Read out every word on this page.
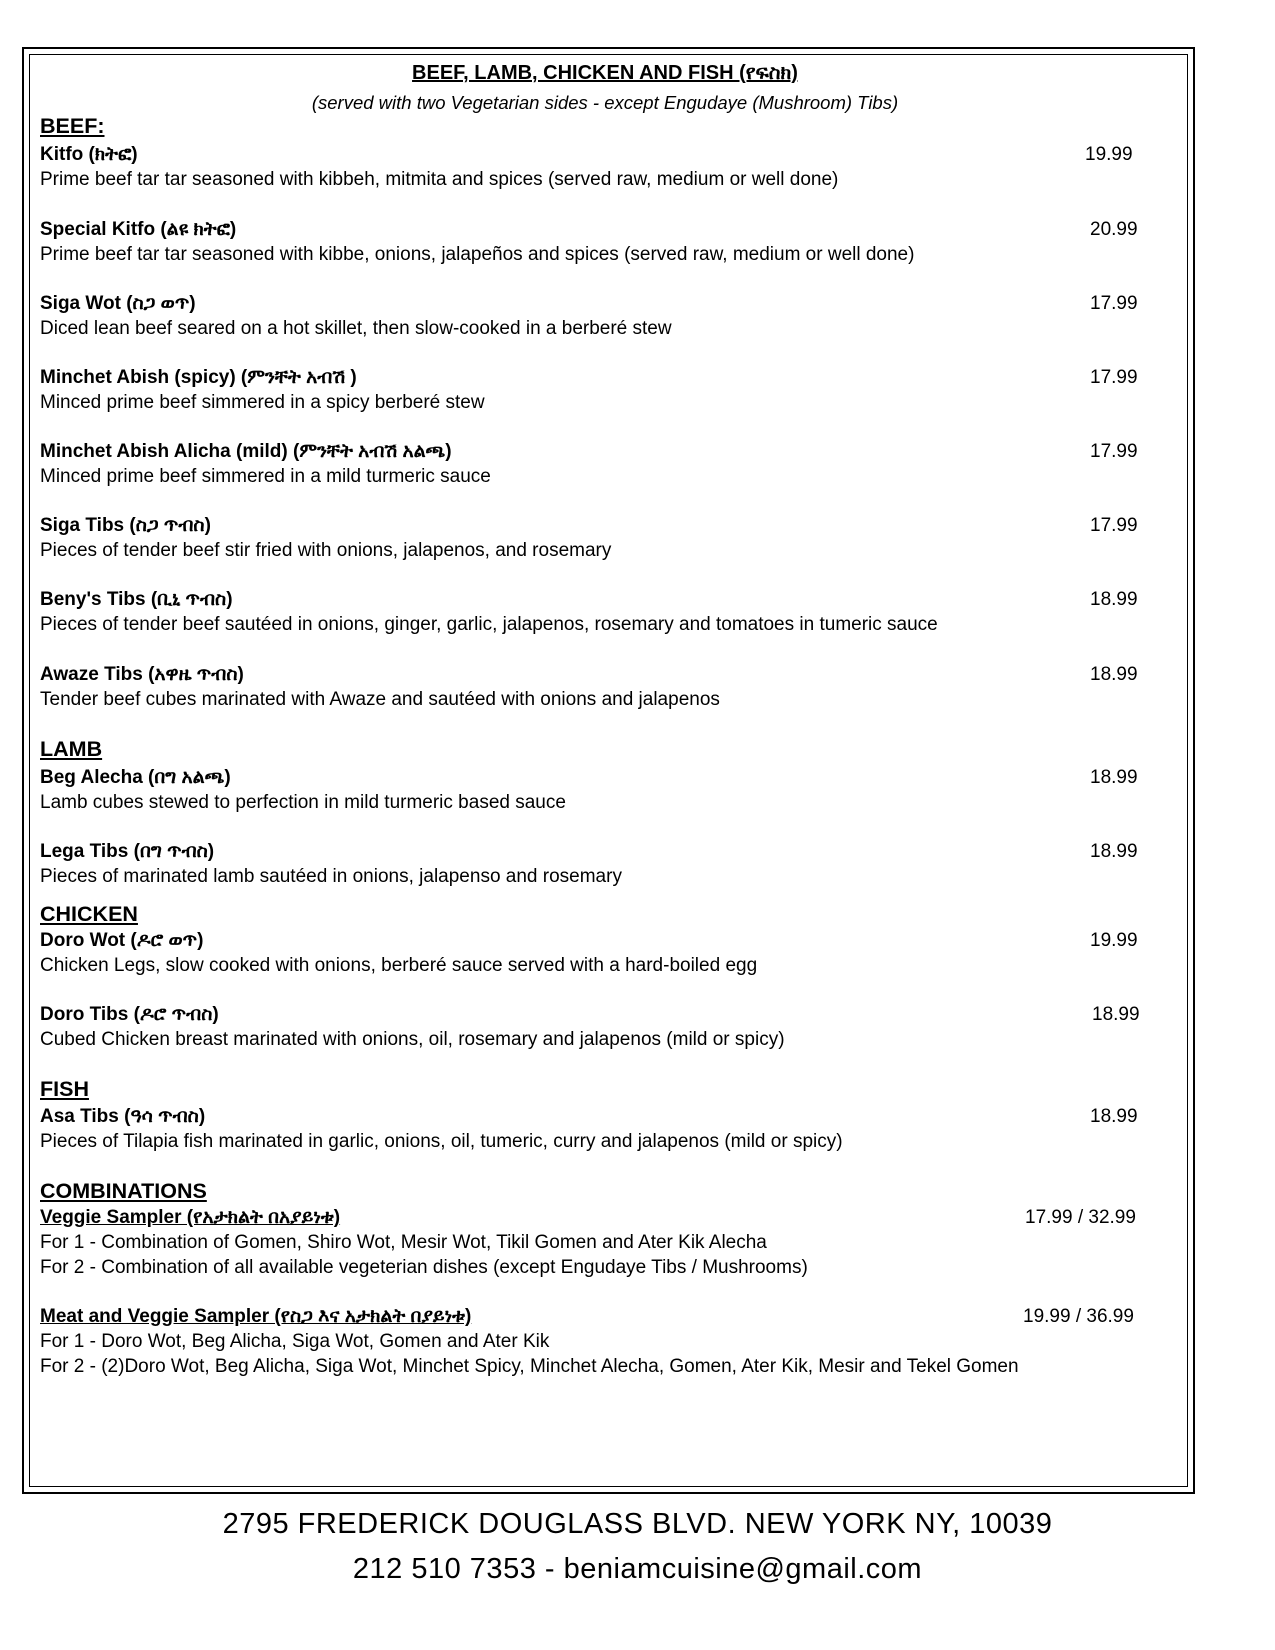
BEEF, LAMB, CHICKEN AND FISH (የፍስክ)
(served with two Vegetarian sides - except Engudaye (Mushroom) Tibs)
BEEF:
Kitfo (ክትፎ)	19.99
Prime beef tar tar seasoned with kibbeh, mitmita and spices (served raw, medium or well done)
Special Kitfo (ልዩ ክትፎ)	20.99
Prime beef tar tar seasoned with kibbe, onions, jalapeños and spices (served raw, medium or well done)
Siga Wot (ስጋ ወጥ)	17.99
Diced lean beef seared on a hot skillet, then slow-cooked in a berberé stew
Minchet Abish (spicy) (ምንቸት አብሽ )	17.99
Minced prime beef simmered in a spicy berberé stew
Minchet Abish Alicha (mild) (ምንቸት አብሽ አልጫ)	17.99
Minced prime beef simmered in a mild turmeric sauce
Siga Tibs (ስጋ ጥብስ)	17.99
Pieces of tender beef stir fried with onions, jalapenos, and rosemary
Beny's Tibs (ቢኒ ጥብስ)	18.99
Pieces of tender beef sautéed in onions, ginger, garlic, jalapenos, rosemary and tomatoes in tumeric sauce
Awaze Tibs (አዋዜ ጥብስ)	18.99
Tender beef cubes marinated with Awaze and sautéed with onions and jalapenos
LAMB
Beg Alecha (በግ አልጫ)	18.99
Lamb cubes stewed to perfection in mild turmeric based sauce
Lega Tibs (በግ ጥብስ)	18.99
Pieces of marinated lamb sautéed in onions, jalapenso and rosemary
CHICKEN
Doro Wot (ዶሮ ወጥ)	19.99
Chicken Legs, slow cooked with onions, berberé sauce served with a hard-boiled egg
Doro Tibs (ዶሮ ጥብስ)	18.99
Cubed Chicken breast marinated with onions, oil, rosemary and jalapenos (mild or spicy)
FISH
Asa Tibs (ዓሳ ጥብስ)	18.99
Pieces of Tilapia fish marinated in garlic, onions, oil, tumeric, curry and jalapenos (mild or spicy)
COMBINATIONS
Veggie Sampler (የአታክልት በአያይነቱ)	17.99 / 32.99
For 1 - Combination of Gomen, Shiro Wot, Mesir Wot, Tikil Gomen and Ater Kik Alecha
For 2 - Combination of all available vegeterian dishes (except Engudaye Tibs / Mushrooms)
Meat and Veggie Sampler (የስጋ እና አታክልት በያይነቱ)	19.99 / 36.99
For 1 - Doro Wot, Beg Alicha, Siga Wot, Gomen and Ater Kik
For 2 - (2)Doro Wot, Beg Alicha, Siga Wot, Minchet Spicy, Minchet Alecha, Gomen, Ater Kik, Mesir and Tekel Gomen
2795 FREDERICK DOUGLASS BLVD. NEW YORK NY, 10039
212 510 7353 - beniamcuisine@gmail.com
